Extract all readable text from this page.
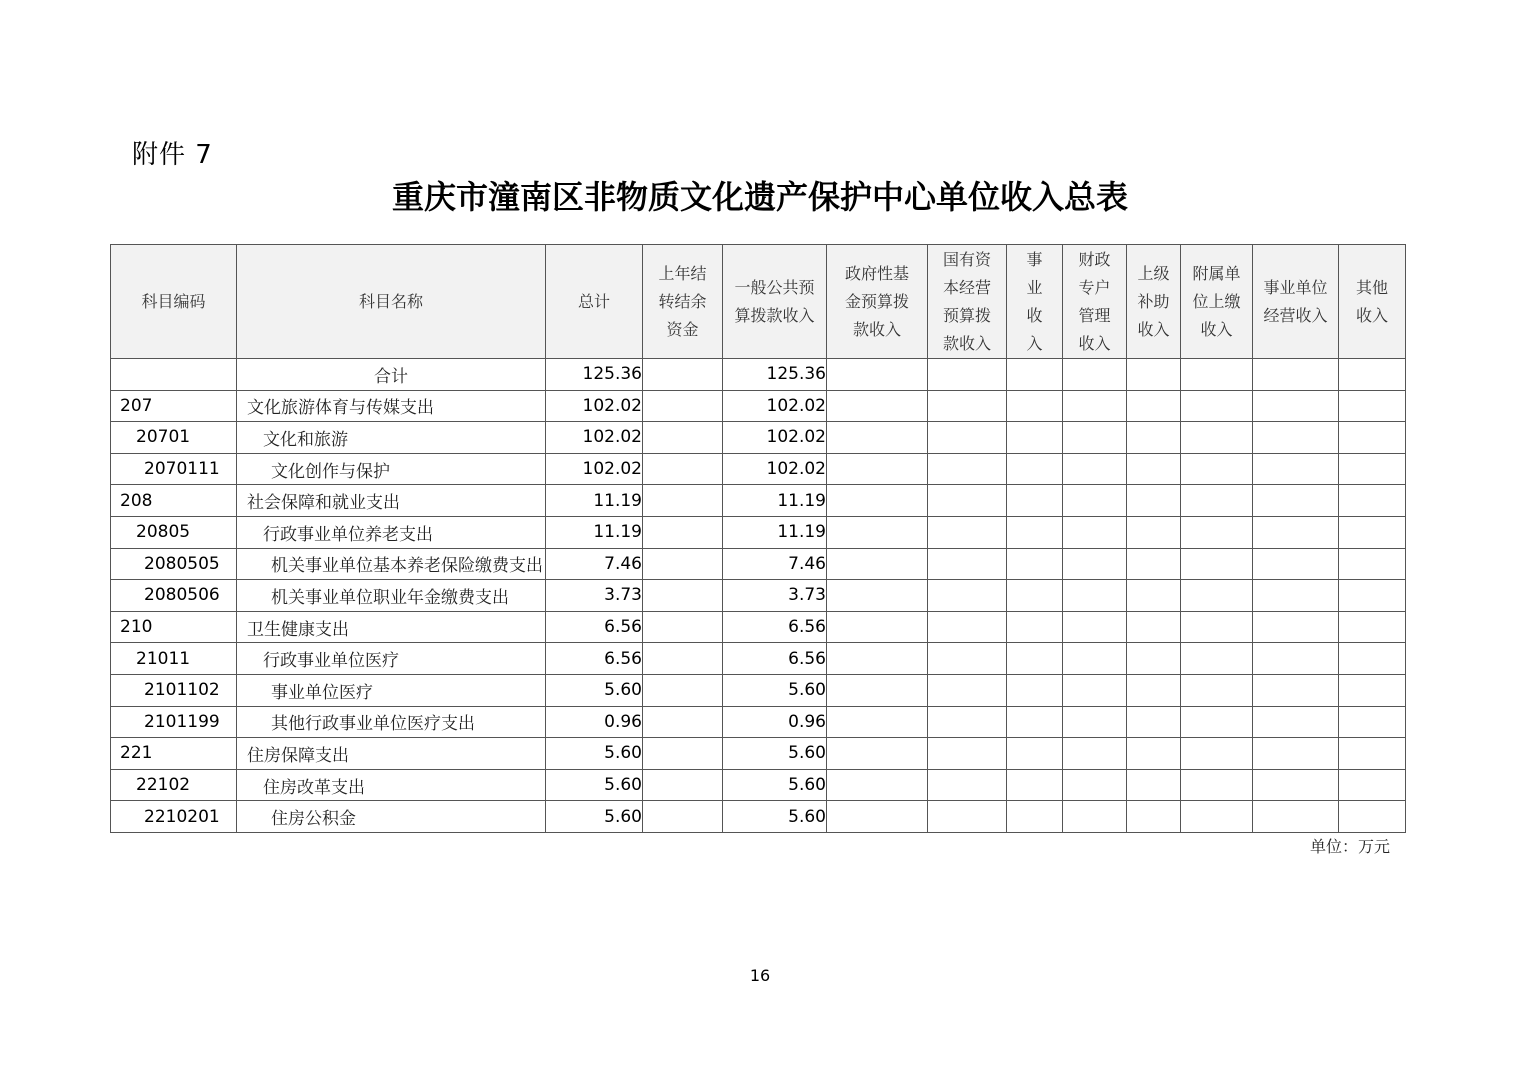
附件 7
重庆市潼南区非物质文化遗产保护中心单位收入总表
科目编码	科目名称	总计	上年结转结余资金	一般公共预算拨款收入	政府性基金预算拨款收入	国有资本经营预算拨款收入	事业收入	财政专户管理收入	上级补助收入	附属单位上缴收入	事业单位经营收入	其他收入
	合计	125.36		125.36								
207	文化旅游体育与传媒支出	102.02		102.02								
20701	文化和旅游	102.02		102.02								
2070111	文化创作与保护	102.02		102.02								
208	社会保障和就业支出	11.19		11.19								
20805	行政事业单位养老支出	11.19		11.19								
2080505	机关事业单位基本养老保险缴费支出	7.46		7.46								
2080506	机关事业单位职业年金缴费支出	3.73		3.73								
210	卫生健康支出	6.56		6.56								
21011	行政事业单位医疗	6.56		6.56								
2101102	事业单位医疗	5.60		5.60								
2101199	其他行政事业单位医疗支出	0.96		0.96								
221	住房保障支出	5.60		5.60								
22102	住房改革支出	5.60		5.60								
2210201	住房公积金	5.60		5.60								
单位：万元
16
